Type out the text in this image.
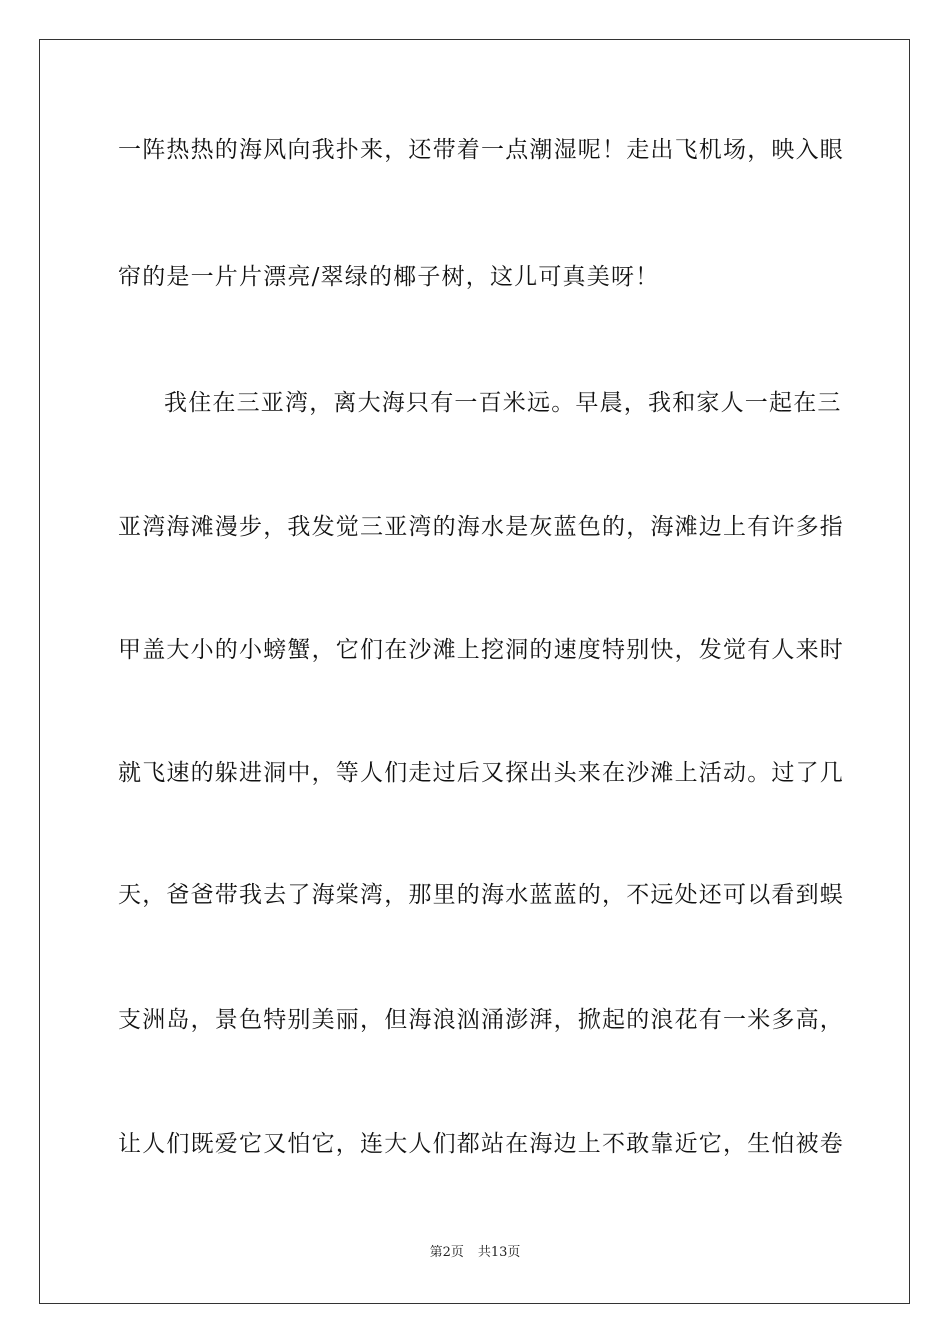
一阵热热的海风向我扑来，还带着一点潮湿呢！走出飞机场，映入眼
帘的是一片片漂亮/翠绿的椰子树，这儿可真美呀！
我住在三亚湾，离大海只有一百米远。早晨，我和家人一起在三
亚湾海滩漫步，我发觉三亚湾的海水是灰蓝色的，海滩边上有许多指
甲盖大小的小螃蟹，它们在沙滩上挖洞的速度特别快，发觉有人来时
就飞速的躲进洞中，等人们走过后又探出头来在沙滩上活动。过了几
天，爸爸带我去了海棠湾，那里的海水蓝蓝的，不远处还可以看到蜈
支洲岛，景色特别美丽，但海浪汹涌澎湃，掀起的浪花有一米多高，
让人们既爱它又怕它，连大人们都站在海边上不敢靠近它，生怕被卷
第2页 共13页
